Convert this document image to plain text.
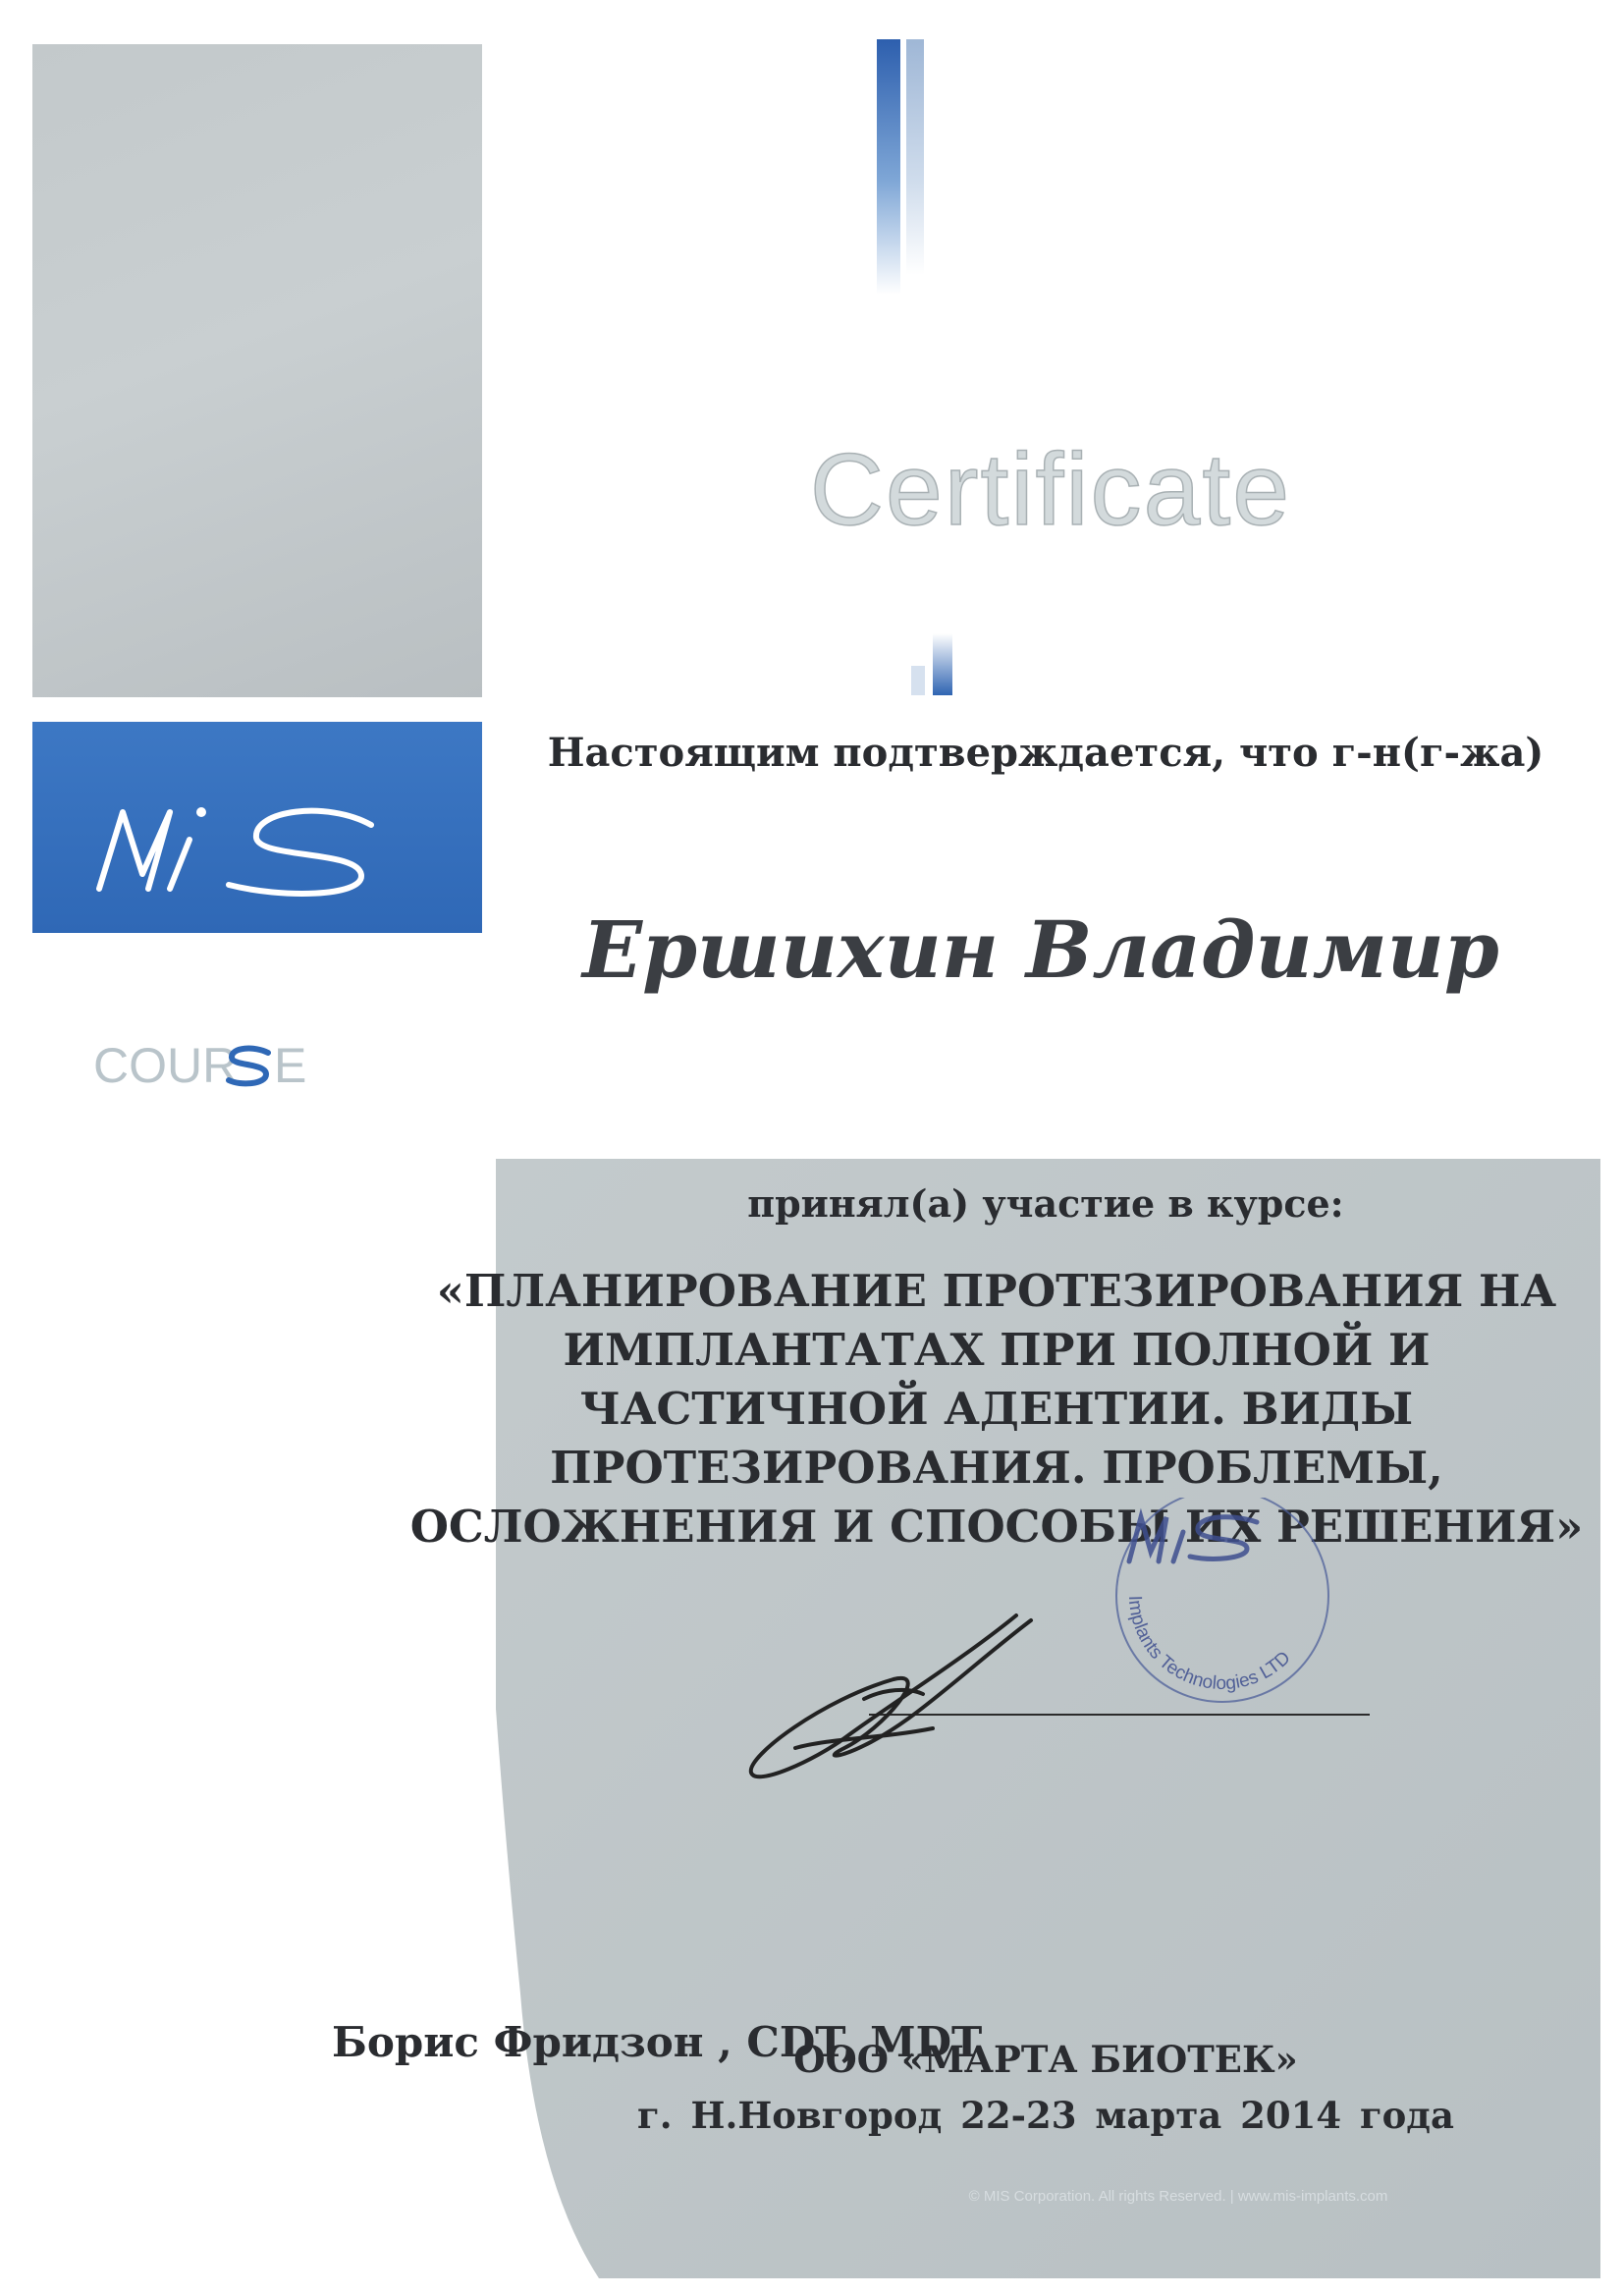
Certificate
COUR E
Настоящим подтверждается, что г-н(г-жа)
Ершихин Владимир
принял(а) участие в курсе:
«ПЛАНИРОВАНИЕ ПРОТЕЗИРОВАНИЯ НА
ИМПЛАНТАТАХ ПРИ ПОЛНОЙ И
ЧАСТИЧНОЙ АДЕНТИИ. ВИДЫ
ПРОТЕЗИРОВАНИЯ. ПРОБЛЕМЫ,
ОСЛОЖНЕНИЯ И СПОСОБЫ ИХ РЕШЕНИЯ»
Implants Technologies LTD
Борис Фридзон , CDT, MDT
ООО «МАРТА БИОТЕК»
г. Н.Новгород 22-23 марта 2014 года
© MIS Corporation. All rights Reserved. | www.mis-implants.com
